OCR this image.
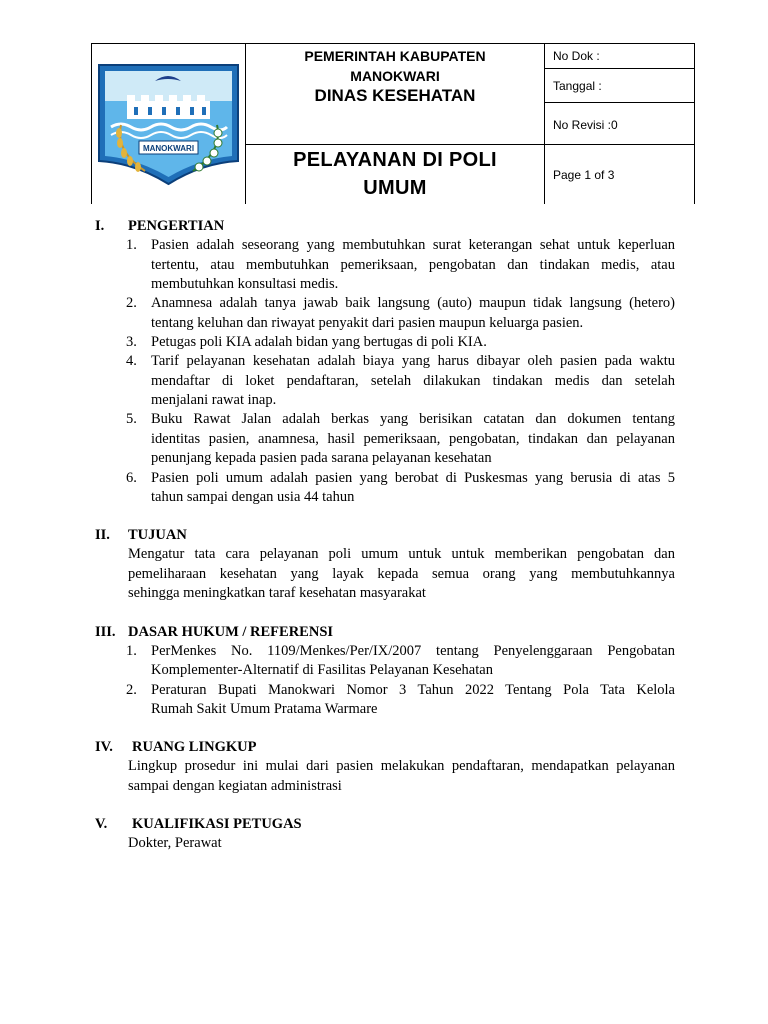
MANOKWARI
PEMERINTAH KABUPATEN
MANOKWARI
DINAS KESEHATAN
PELAYANAN DI POLI
UMUM
No Dok :
Tanggal :
No Revisi :0
Page 1 of 3
I. PENGERTIAN
1. Pasien adalah seseorang yang membutuhkan surat keterangan sehat untuk keperluan
tertentu, atau membutuhkan pemeriksaan, pengobatan dan tindakan medis, atau
membutuhkan konsultasi medis.
2. Anamnesa adalah tanya jawab baik langsung (auto) maupun tidak langsung (hetero)
tentang keluhan dan riwayat penyakit dari pasien maupun keluarga pasien.
3. Petugas poli KIA adalah bidan yang bertugas di poli KIA.
4. Tarif pelayanan kesehatan adalah biaya yang harus dibayar oleh pasien pada waktu
mendaftar di loket pendaftaran, setelah dilakukan tindakan medis dan setelah
menjalani rawat inap.
5. Buku Rawat Jalan adalah berkas yang berisikan catatan dan dokumen tentang
identitas pasien, anamnesa, hasil pemeriksaan, pengobatan, tindakan dan pelayanan
penunjang kepada pasien pada sarana pelayanan kesehatan
6. Pasien poli umum adalah pasien yang berobat di Puskesmas yang berusia di atas 5
tahun sampai dengan usia 44 tahun
II. TUJUAN
Mengatur tata cara pelayanan poli umum untuk untuk memberikan pengobatan dan
pemeliharaan kesehatan yang layak kepada semua orang yang membutuhkannya
sehingga meningkatkan taraf kesehatan masyarakat
III. DASAR HUKUM / REFERENSI
1. PerMenkes No. 1109/Menkes/Per/IX/2007 tentang Penyelenggaraan Pengobatan
Komplementer-Alternatif di Fasilitas Pelayanan Kesehatan
2. Peraturan Bupati Manokwari Nomor 3 Tahun 2022 Tentang Pola Tata Kelola
Rumah Sakit Umum Pratama Warmare
IV. RUANG LINGKUP
Lingkup prosedur ini mulai dari pasien melakukan pendaftaran, mendapatkan pelayanan
sampai dengan kegiatan administrasi
V. KUALIFIKASI PETUGAS
Dokter, Perawat
